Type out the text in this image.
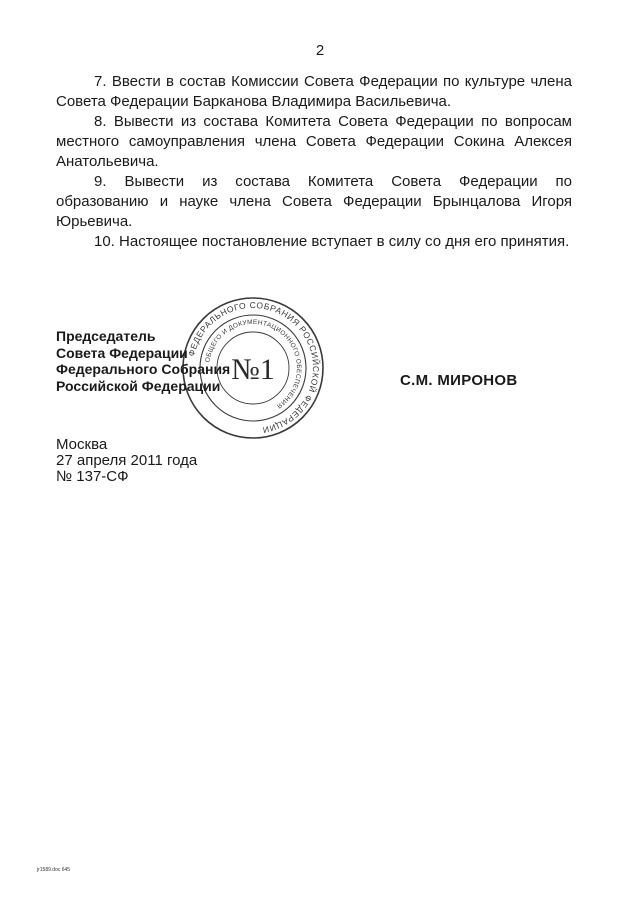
2

7. Ввести в состав Комиссии Совета Федерации по культуре члена Совета Федерации Барканова Владимира Васильевича.

8. Вывести из состава Комитета Совета Федерации по вопросам местного самоуправления члена Совета Федерации Сокина Алексея Анатольевича.

9. Вывести из состава Комитета Совета Федерации по образованию и науке члена Совета Федерации Брынцалова Игоря Юрьевича.

10. Настоящее постановление вступает в силу со дня его принятия.

ФЕДЕРАЛЬНОГО СОБРАНИЯ РОССИЙСКОЙ ФЕДЕРАЦИИ
ОБЩЕГО И ДОКУМЕНТАЦИОННОГО ОБЕСПЕЧЕНИЯ
№1
Председатель
Совета Федерации
Федерального Собрания
Российской Федерации	С.М. МИРОНОВ
Москва
27 апреля 2011 года
№ 137-СФ
jr1589.doc 645
